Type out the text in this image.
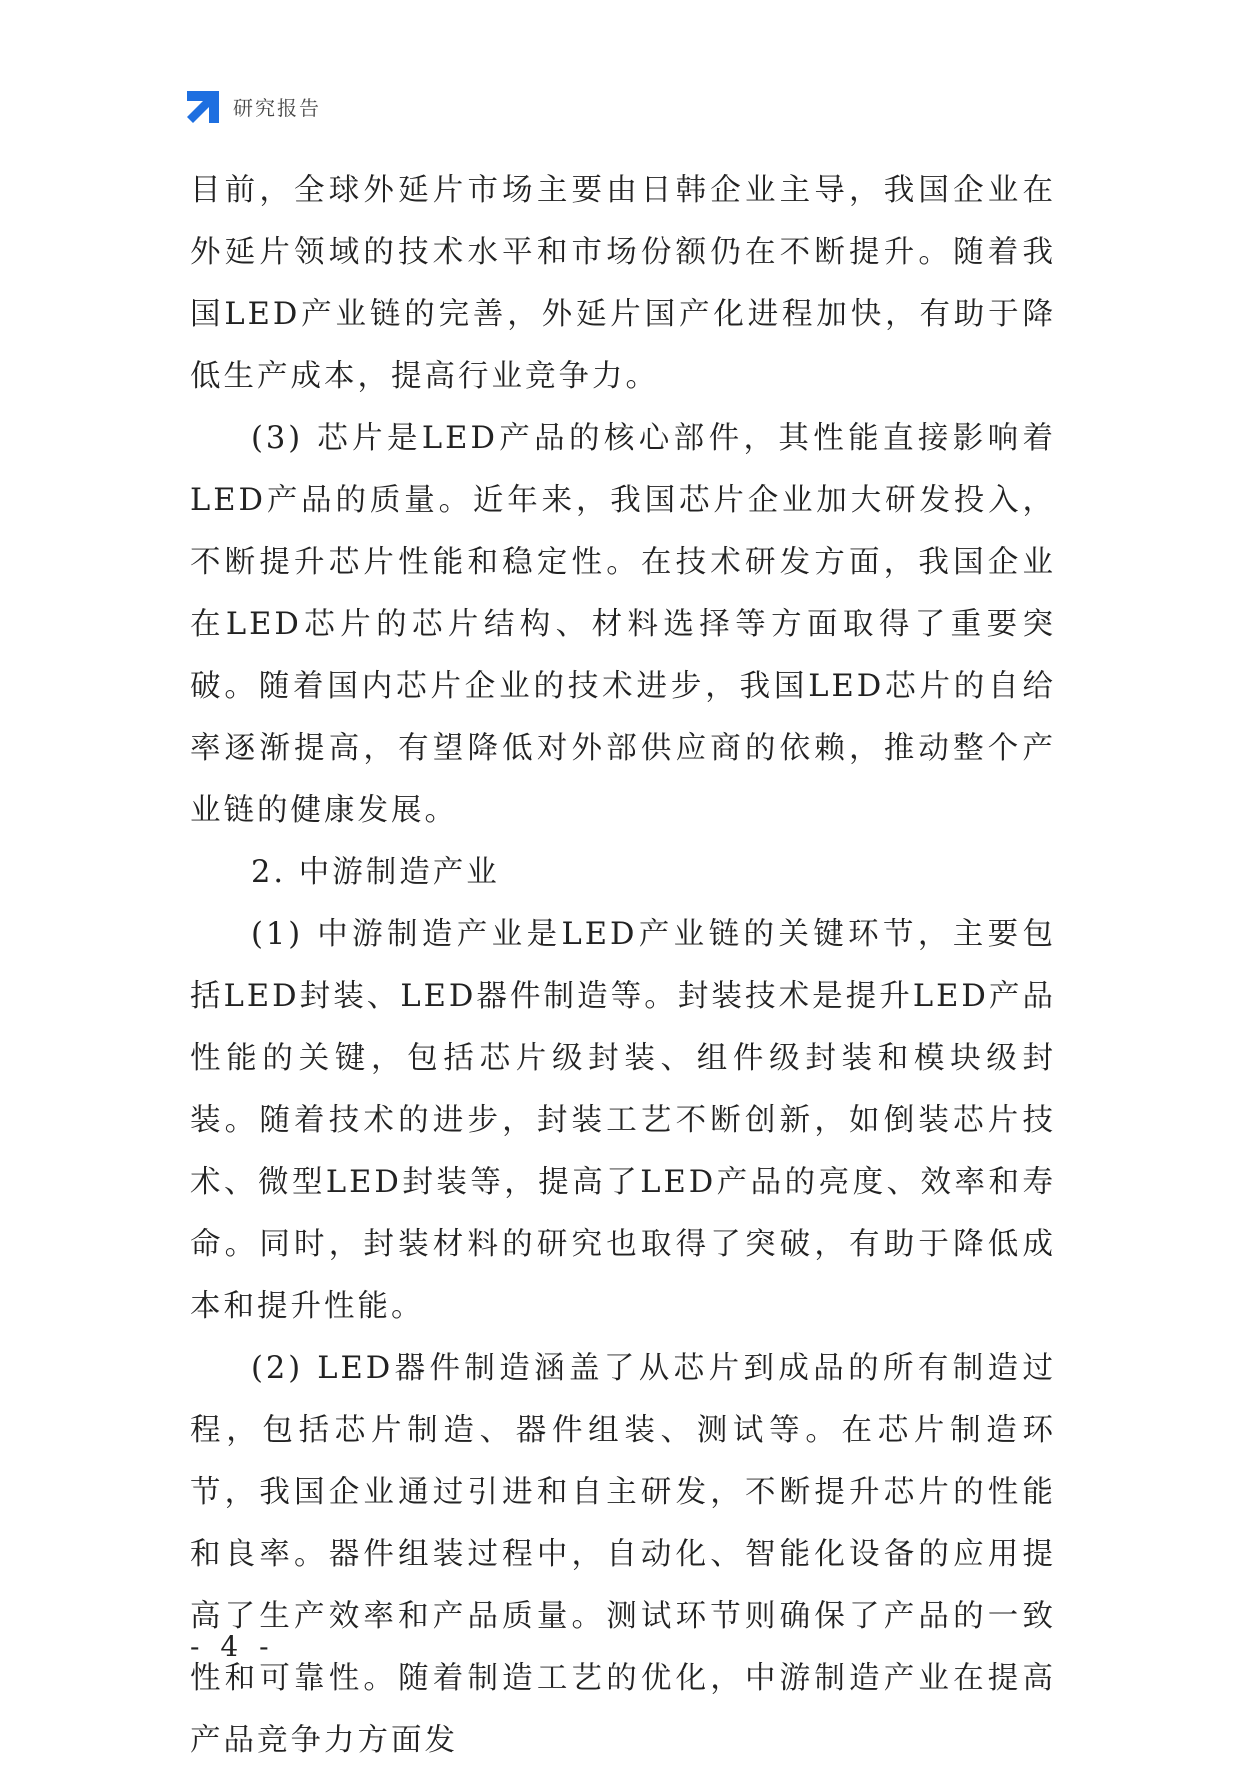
研究报告

目前，全球外延片市场主要由日韩企业主导，我国企业在外延片领域的技术水平和市场份额仍在不断提升。随着我国LED产业链的完善，外延片国产化进程加快，有助于降低生产成本，提高行业竞争力。

(3) 芯片是LED产品的核心部件，其性能直接影响着LED产品的质量。近年来，我国芯片企业加大研发投入，不断提升芯片性能和稳定性。在技术研发方面，我国企业在LED芯片的芯片结构、材料选择等方面取得了重要突破。随着国内芯片企业的技术进步，我国LED芯片的自给率逐渐提高，有望降低对外部供应商的依赖，推动整个产业链的健康发展。

2. 中游制造产业

(1) 中游制造产业是LED产业链的关键环节，主要包括LED封装、LED器件制造等。封装技术是提升LED产品性能的关键，包括芯片级封装、组件级封装和模块级封装。随着技术的进步，封装工艺不断创新，如倒装芯片技术、微型LED封装等，提高了LED产品的亮度、效率和寿命。同时，封装材料的研究也取得了突破，有助于降低成本和提升性能。

(2) LED器件制造涵盖了从芯片到成品的所有制造过程，包括芯片制造、器件组装、测试等。在芯片制造环节，我国企业通过引进和自主研发，不断提升芯片的性能和良率。器件组装过程中，自动化、智能化设备的应用提高了生产效率和产品质量。测试环节则确保了产品的一致性和可靠性。随着制造工艺的优化，中游制造产业在提高产品竞争力方面发

- 4 -
